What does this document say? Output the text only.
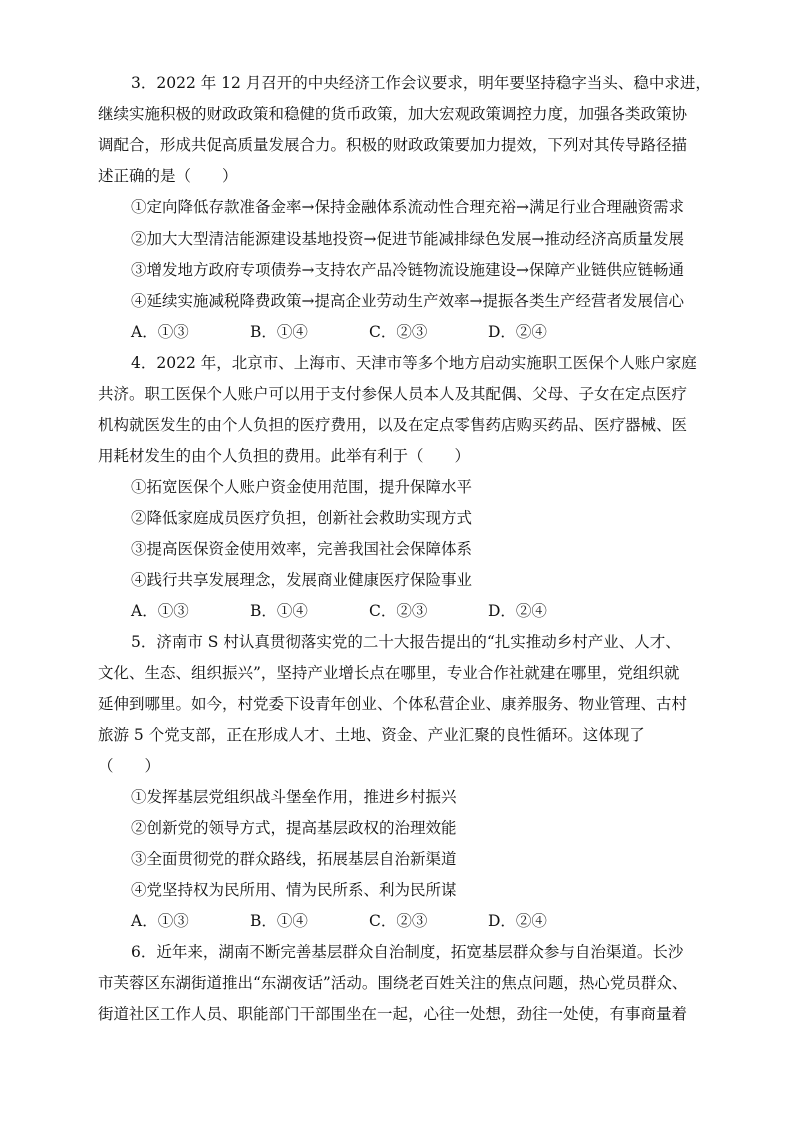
3．2022 年 12 月召开的中央经济工作会议要求，明年要坚持稳字当头、稳中求进，
继续实施积极的财政政策和稳健的货币政策，加大宏观政策调控力度，加强各类政策协
调配合，形成共促高质量发展合力。积极的财政政策要加力提效，下列对其传导路径描
述正确的是（　　）
①定向降低存款准备金率→保持金融体系流动性合理充裕→满足行业合理融资需求
②加大大型清洁能源建设基地投资→促进节能减排绿色发展→推动经济高质量发展
③增发地方政府专项债券→支持农产品冷链物流设施建设→保障产业链供应链畅通
④延续实施减税降费政策→提高企业劳动生产效率→提振各类生产经营者发展信心
A．①③	B．①④	C．②③	D．②④
4．2022 年，北京市、上海市、天津市等多个地方启动实施职工医保个人账户家庭
共济。职工医保个人账户可以用于支付参保人员本人及其配偶、父母、子女在定点医疗
机构就医发生的由个人负担的医疗费用，以及在定点零售药店购买药品、医疗器械、医
用耗材发生的由个人负担的费用。此举有利于（　　）
①拓宽医保个人账户资金使用范围，提升保障水平
②降低家庭成员医疗负担，创新社会救助实现方式
③提高医保资金使用效率，完善我国社会保障体系
④践行共享发展理念，发展商业健康医疗保险事业
A．①③	B．①④	C．②③	D．②④
5．济南市 S 村认真贯彻落实党的二十大报告提出的“扎实推动乡村产业、人才、
文化、生态、组织振兴”，坚持产业增长点在哪里，专业合作社就建在哪里，党组织就
延伸到哪里。如今，村党委下设青年创业、个体私营企业、康养服务、物业管理、古村
旅游 5 个党支部，正在形成人才、土地、资金、产业汇聚的良性循环。这体现了
（　　）
①发挥基层党组织战斗堡垒作用，推进乡村振兴
②创新党的领导方式，提高基层政权的治理效能
③全面贯彻党的群众路线，拓展基层自治新渠道
④党坚持权为民所用、情为民所系、利为民所谋
A．①③	B．①④	C．②③	D．②④
6．近年来，湖南不断完善基层群众自治制度，拓宽基层群众参与自治渠道。长沙
市芙蓉区东湖街道推出“东湖夜话”活动。围绕老百姓关注的焦点问题，热心党员群众、
街道社区工作人员、职能部门干部围坐在一起，心往一处想，劲往一处使，有事商量着
